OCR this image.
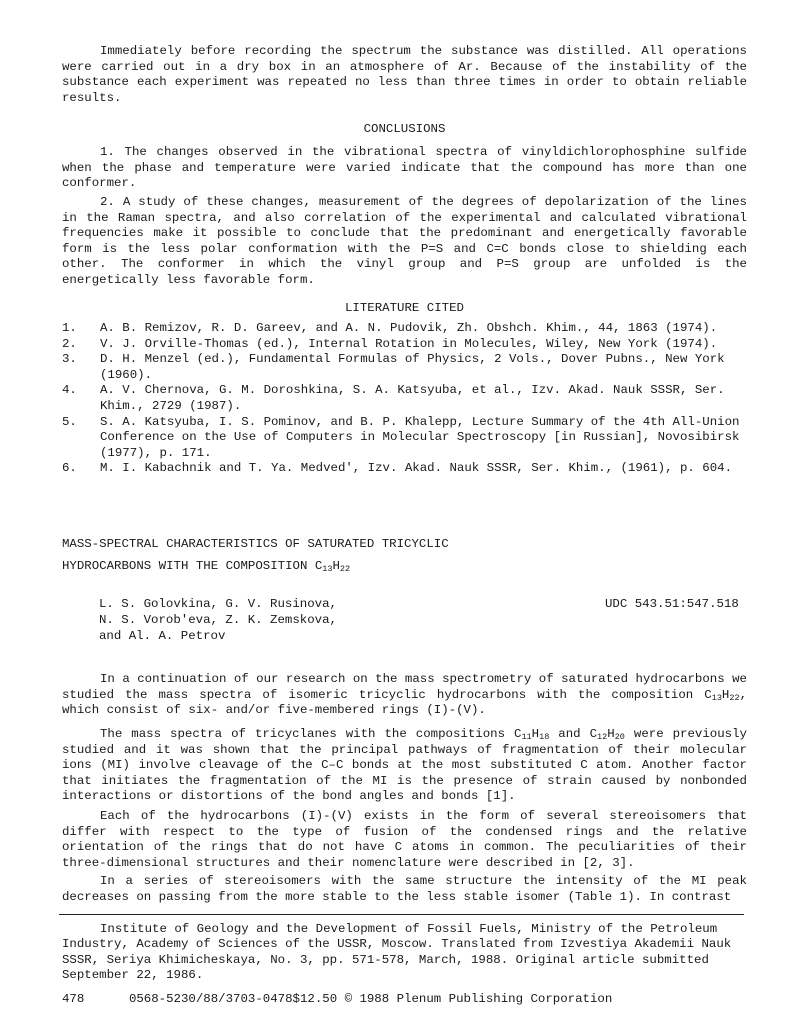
Immediately before recording the spectrum the substance was distilled. All operations were carried out in a dry box in an atmosphere of Ar. Because of the instability of the substance each experiment was repeated no less than three times in order to obtain reliable results.

CONCLUSIONS

1. The changes observed in the vibrational spectra of vinyldichlorophosphine sulfide when the phase and temperature were varied indicate that the compound has more than one conformer.

2. A study of these changes, measurement of the degrees of depolarization of the lines in the Raman spectra, and also correlation of the experimental and calculated vibrational frequencies make it possible to conclude that the predominant and energetically favorable form is the less polar conformation with the P=S and C=C bonds close to shielding each other. The conformer in which the vinyl group and P=S group are unfolded is the energetically less favorable form.

LITERATURE CITED

1.	A. B. Remizov, R. D. Gareev, and A. N. Pudovik, Zh. Obshch. Khim., 44, 1863 (1974).
2.	V. J. Orville-Thomas (ed.), Internal Rotation in Molecules, Wiley, New York (1974).
3.	D. H. Menzel (ed.), Fundamental Formulas of Physics, 2 Vols., Dover Pubns., New York (1960).
4.	A. V. Chernova, G. M. Doroshkina, S. A. Katsyuba, et al., Izv. Akad. Nauk SSSR, Ser. Khim., 2729 (1987).
5.	S. A. Katsyuba, I. S. Pominov, and B. P. Khalepp, Lecture Summary of the 4th All-Union Conference on the Use of Computers in Molecular Spectroscopy [in Russian], Novosibirsk (1977), p. 171.
6.	M. I. Kabachnik and T. Ya. Medved', Izv. Akad. Nauk SSSR, Ser. Khim., (1961), p. 604.

MASS-SPECTRAL CHARACTERISTICS OF SATURATED TRICYCLIC

HYDROCARBONS WITH THE COMPOSITION $C_{13}H_{22}$

L. S. Golovkina, G. V. Rusinova,

N. S. Vorob'eva, Z. K. Zemskova,

and Al. A. Petrov

UDC 543.51:547.518

In a continuation of our research on the mass spectrometry of saturated hydrocarbons we studied the mass spectra of isomeric tricyclic hydrocarbons with the composition $C_{13}H_{22}$, which consist of six- and/or five-membered rings (I)-(V).

The mass spectra of tricyclanes with the compositions $C_{11}H_{18}$ and $C_{12}H_{20}$ were previously studied and it was shown that the principal pathways of fragmentation of their molecular ions (MI) involve cleavage of the C–C bonds at the most substituted C atom. Another factor that initiates the fragmentation of the MI is the presence of strain caused by nonbonded interactions or distortions of the bond angles and bonds [1].

Each of the hydrocarbons (I)-(V) exists in the form of several stereoisomers that differ with respect to the type of fusion of the condensed rings and the relative orientation of the rings that do not have C atoms in common. The peculiarities of their three-dimensional structures and their nomenclature were described in [2, 3].

In a series of stereoisomers with the same structure the intensity of the MI peak decreases on passing from the more stable to the less stable isomer (Table 1). In contrast

Institute of Geology and the Development of Fossil Fuels, Ministry of the Petroleum Industry, Academy of Sciences of the USSR, Moscow. Translated from Izvestiya Akademii Nauk SSSR, Seriya Khimicheskaya, No. 3, pp. 571-578, March, 1988. Original article submitted September 22, 1986.

478	0568-5230/88/3703-0478$12.50 © 1988 Plenum Publishing Corporation
